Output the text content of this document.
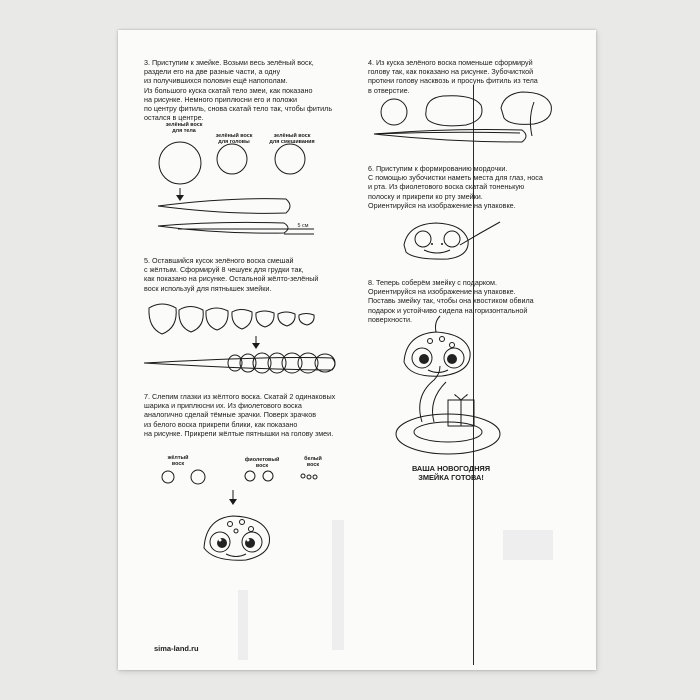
3. Приступим к змейке. Возьми весь зелёный воск,
раздели его на две разные части, а одну
из получившихся половин ещё напополам.
Из большого куска скатай тело змеи, как показано
на рисунке. Немного приплюсни его и положи
по центру фитиль, снова скатай тело так, чтобы фитиль
остался в центре.
зелёный воск
для тела
зелёный воск
для головы
зелёный воск
для смешивания
5 см
4. Из куска зелёного воска поменьше сформируй
голову так, как показано на рисунке. Зубочисткой
проткни голову насквозь и просунь фитиль из тела
в отверстие.
5. Оставшийся кусок зелёного воска смешай
с жёлтым. Сформируй 8 чешуек для грудки так,
как показано на рисунке. Остальной жёлто-зелёный
воск используй для пятнышек змейки.
6. Приступим к формированию мордочки.
С помощью зубочистки наметь места для глаз, носа
и рта. Из фиолетового воска скатай тоненькую
полоску и прикрепи ко рту змейки.
Ориентируйся на изображение на упаковке.
7. Слепим глазки из жёлтого воска. Скатай 2 одинаковых
шарика и приплюсни их. Из фиолетового воска
аналогично сделай тёмные зрачки. Поверх зрачков
из белого воска прикрепи блики, как показано
на рисунке. Прикрепи жёлтые пятнышки на голову змеи.
жёлтый
воск
фиолетовый
воск
белый
воск
8. Теперь соберём змейку с подарком.
Ориентируйся на изображение на упаковке.
Поставь змейку так, чтобы она хвостиком обвила
подарок и устойчиво сидела на горизонтальной
поверхности.
ВАША НОВОГОДНЯЯ
ЗМЕЙКА ГОТОВА!
sima-land.ru
